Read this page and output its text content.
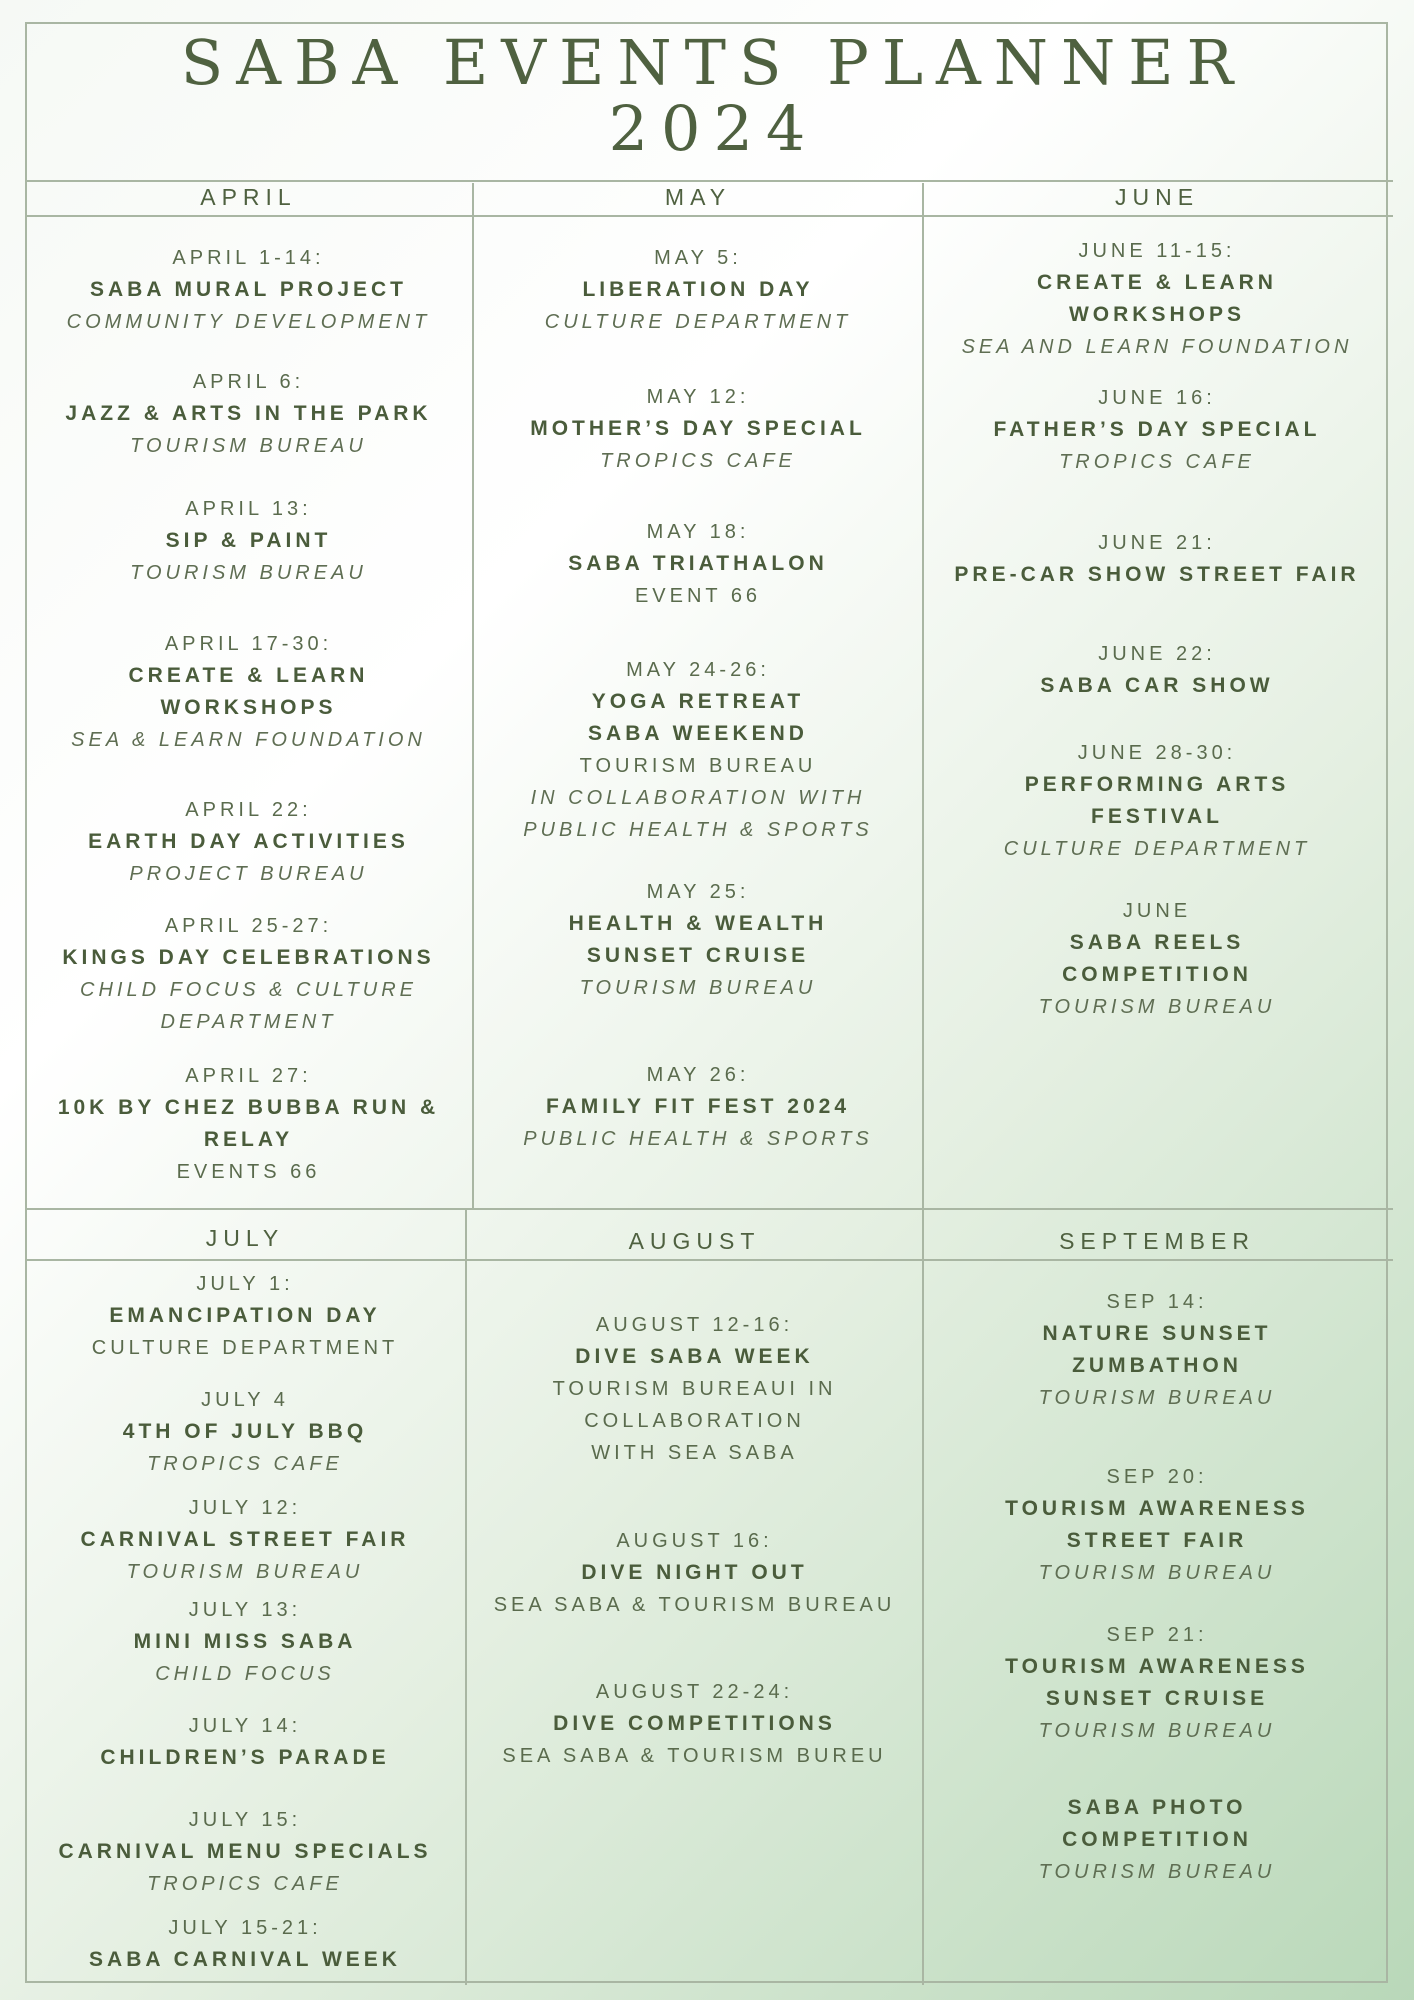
SABA EVENTS PLANNER
2024
APRIL	MAY	JUNE
JULY	AUGUST	SEPTEMBER
APRIL 1-14:
SABA MURAL PROJECT
COMMUNITY DEVELOPMENT
APRIL 6:
JAZZ & ARTS IN THE PARK
TOURISM BUREAU
APRIL 13:
SIP & PAINT
TOURISM BUREAU
APRIL 17-30:
CREATE & LEARN
WORKSHOPS
SEA & LEARN FOUNDATION
APRIL 22:
EARTH DAY ACTIVITIES
PROJECT BUREAU
APRIL 25-27:
KINGS DAY CELEBRATIONS
CHILD FOCUS & CULTURE
DEPARTMENT
APRIL 27:
10K BY CHEZ BUBBA RUN &
RELAY
EVENTS 66
MAY 5:
LIBERATION DAY
CULTURE DEPARTMENT
MAY 12:
MOTHER’S DAY SPECIAL
TROPICS CAFE
MAY 18:
SABA TRIATHALON
EVENT 66
MAY 24-26:
YOGA RETREAT
SABA WEEKEND
TOURISM BUREAU
IN COLLABORATION WITH
PUBLIC HEALTH & SPORTS
MAY 25:
HEALTH & WEALTH
SUNSET CRUISE
TOURISM BUREAU
MAY 26:
FAMILY FIT FEST 2024
PUBLIC HEALTH & SPORTS
JUNE 11-15:
CREATE & LEARN
WORKSHOPS
SEA AND LEARN FOUNDATION
JUNE 16:
FATHER’S DAY SPECIAL
TROPICS CAFE
JUNE 21:
PRE-CAR SHOW STREET FAIR
JUNE 22:
SABA CAR SHOW
JUNE 28-30:
PERFORMING ARTS
FESTIVAL
CULTURE DEPARTMENT
JUNE
SABA REELS
COMPETITION
TOURISM BUREAU
JULY 1:
EMANCIPATION DAY
CULTURE DEPARTMENT
JULY 4
4TH OF JULY BBQ
TROPICS CAFE
JULY 12:
CARNIVAL STREET FAIR
TOURISM BUREAU
JULY 13:
MINI MISS SABA
CHILD FOCUS
JULY 14:
CHILDREN’S PARADE
JULY 15:
CARNIVAL MENU SPECIALS
TROPICS CAFE
JULY 15-21:
SABA CARNIVAL WEEK
AUGUST 12-16:
DIVE SABA WEEK
TOURISM BUREAUI IN
COLLABORATION
WITH SEA SABA
AUGUST 16:
DIVE NIGHT OUT
SEA SABA & TOURISM BUREAU
AUGUST 22-24:
DIVE COMPETITIONS
SEA SABA & TOURISM BUREU
SEP 14:
NATURE SUNSET
ZUMBATHON
TOURISM BUREAU
SEP 20:
TOURISM AWARENESS
STREET FAIR
TOURISM BUREAU
SEP 21:
TOURISM AWARENESS
SUNSET CRUISE
TOURISM BUREAU
SABA PHOTO
COMPETITION
TOURISM BUREAU
